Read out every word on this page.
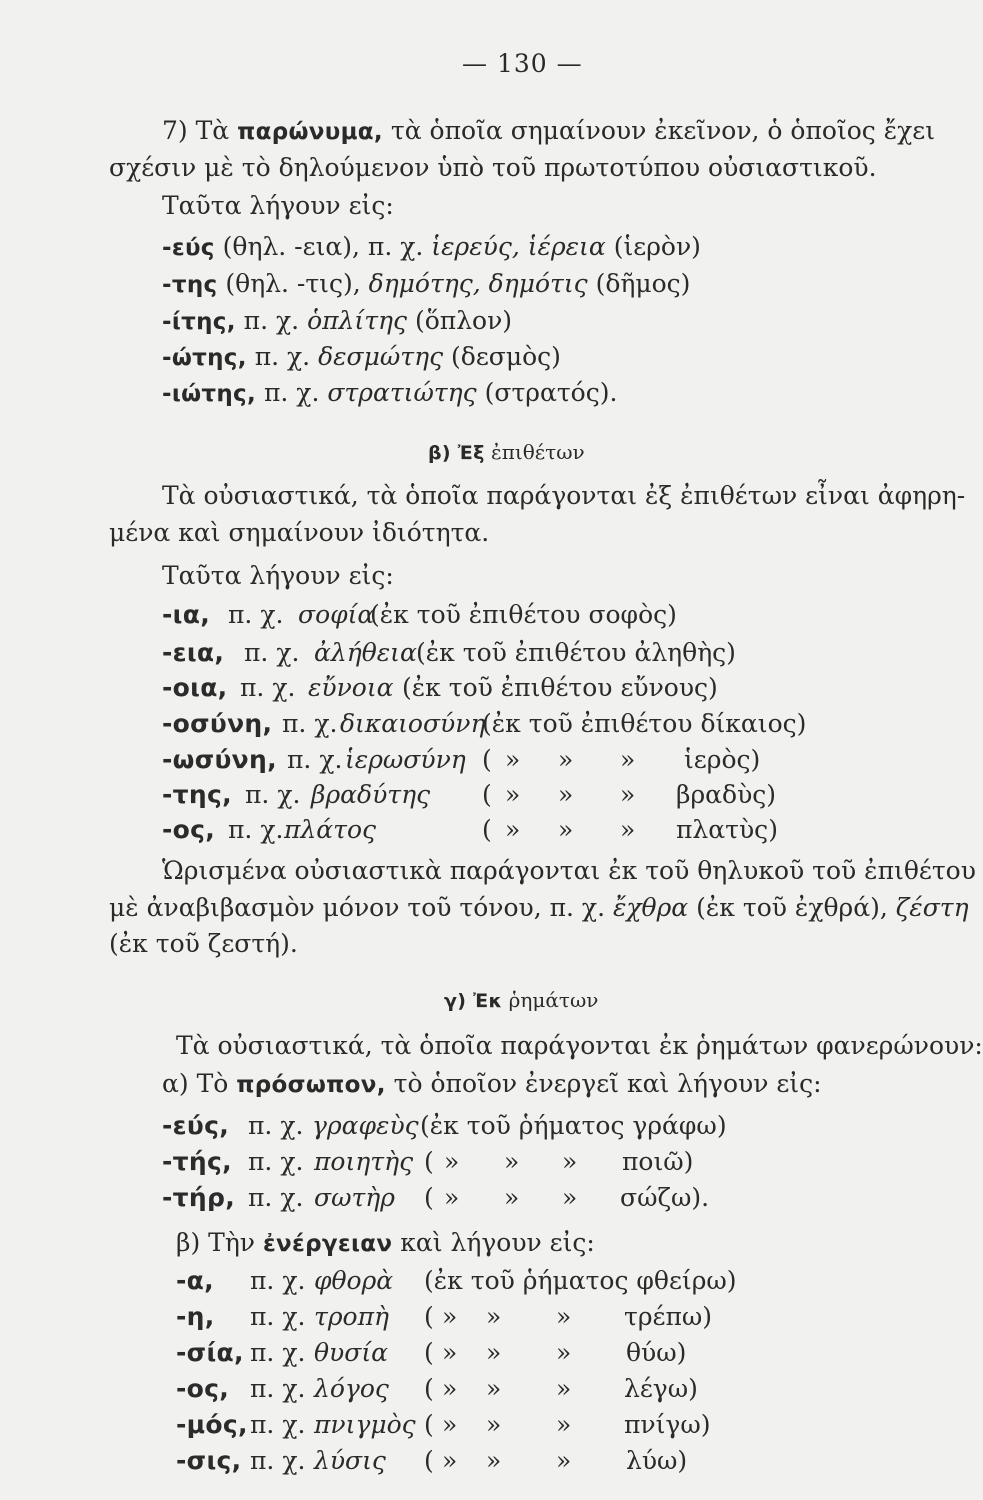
— 130 —
7) Τὰ παρώνυμα, τὰ ὁποῖα σημαίνουν ἐκεῖνον, ὁ ὁποῖος ἔχει
σχέσιν μὲ τὸ δηλούμενον ὑπὸ τοῦ πρωτοτύπου οὐσιαστικοῦ.
Ταῦτα λήγουν εἰς:
-εύς (θηλ. -εια), π. χ. ἱερεύς, ἱέρεια (ἱερὸν)
-της (θηλ. -τις), δημότης, δημότις (δῆμος)
-ίτης, π. χ. ὁπλίτης (ὅπλον)
-ώτης, π. χ. δεσμώτης (δεσμὸς)
-ιώτης, π. χ. στρατιώτης (στρατός).
β) Ἐξ ἐπιθέτων
Τὰ οὐσιαστικά, τὰ ὁποῖα παράγονται ἐξ ἐπιθέτων εἶναι ἀφηρη-
μένα καὶ σημαίνουν ἰδιότητα.
Ταῦτα λήγουν εἰς:
-ια, π. χ. σοφία
(ἐκ τοῦ ἐπιθέτου σοφὸς)
-εια, π. χ. ἀλήθεια (ἐκ τοῦ ἐπιθέτου ἀληθὴς)
-οια, π. χ. εὔνοια (ἐκ τοῦ ἐπιθέτου εὔνους)
-οσύνη, π. χ. δικαιοσύνη
(ἐκ τοῦ ἐπιθέτου δίκαιος)
-ωσύνη, π. χ. ἱερωσύνη ( » » » ἱερὸς)
-της, π. χ. βραδύτης ( » » » βραδὺς)
-ος, π. χ. πλάτος	( » » » πλατὺς)
Ὡρισμένα οὐσιαστικὰ παράγονται ἐκ τοῦ θηλυκοῦ τοῦ ἐπιθέτου
μὲ ἀναβιβασμὸν μόνον τοῦ τόνου, π. χ. ἔχθρα (ἐκ τοῦ ἐχθρά), ζέστη
(ἐκ τοῦ ζεστή).
γ) Ἐκ ῥημάτων
Τὰ οὐσιαστικά, τὰ ὁποῖα παράγονται ἐκ ῥημάτων φανερώνουν:
α) Τὸ πρόσωπον, τὸ ὁποῖον ἐνεργεῖ καὶ λήγουν εἰς:
-εύς, π. χ. γραφεὺς (ἐκ τοῦ ῥήματος γράφω)
-τής, π. χ. ποιητὴς ( » » » ποιῶ)
-τήρ, π. χ. σωτὴρ ( » » » σώζω).
β) Τὴν ἐνέργειαν καὶ λήγουν εἰς:
-α, π. χ. φθορὰ (ἐκ τοῦ ῥήματος φθείρω)
-η, π. χ. τροπὴ ( » » » τρέπω)
-σία, π. χ. θυσία ( » » » θύω)
-ος, π. χ. λόγος ( » » » λέγω)
-μός, π. χ. πνιγμὸς ( » » » πνίγω)
-σις, π. χ. λύσις ( » » » λύω)
